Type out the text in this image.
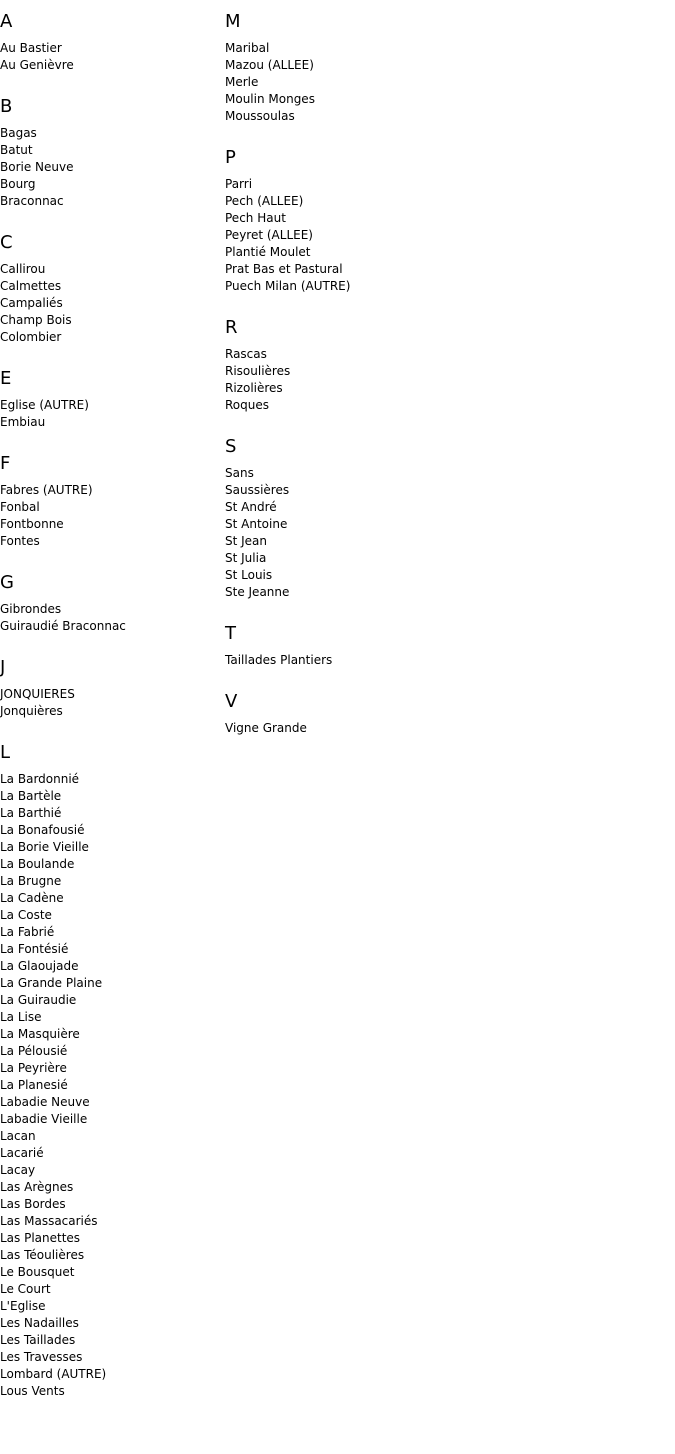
A
Au Bastier
Au Genièvre
B
Bagas
Batut
Borie Neuve
Bourg
Braconnac
C
Callirou
Calmettes
Campaliés
Champ Bois
Colombier
E
Eglise (AUTRE)
Embiau
F
Fabres (AUTRE)
Fonbal
Fontbonne
Fontes
G
Gibrondes
Guiraudié Braconnac
J
JONQUIERES
Jonquières
L
La Bardonnié
La Bartèle
La Barthié
La Bonafousié
La Borie Vieille
La Boulande
La Brugne
La Cadène
La Coste
La Fabrié
La Fontésié
La Glaoujade
La Grande Plaine
La Guiraudie
La Lise
La Masquière
La Pélousié
La Peyrière
La Planesié
Labadie Neuve
Labadie Vieille
Lacan
Lacarié
Lacay
Las Arègnes
Las Bordes
Las Massacariés
Las Planettes
Las Téoulières
Le Bousquet
Le Court
L'Eglise
Les Nadailles
Les Taillades
Les Travesses
Lombard (AUTRE)
Lous Vents
M
Maribal
Mazou (ALLEE)
Merle
Moulin Monges
Moussoulas
P
Parri
Pech (ALLEE)
Pech Haut
Peyret (ALLEE)
Plantié Moulet
Prat Bas et Pastural
Puech Milan (AUTRE)
R
Rascas
Risoulières
Rizolières
Roques
S
Sans
Saussières
St André
St Antoine
St Jean
St Julia
St Louis
Ste Jeanne
T
Taillades Plantiers
V
Vigne Grande
